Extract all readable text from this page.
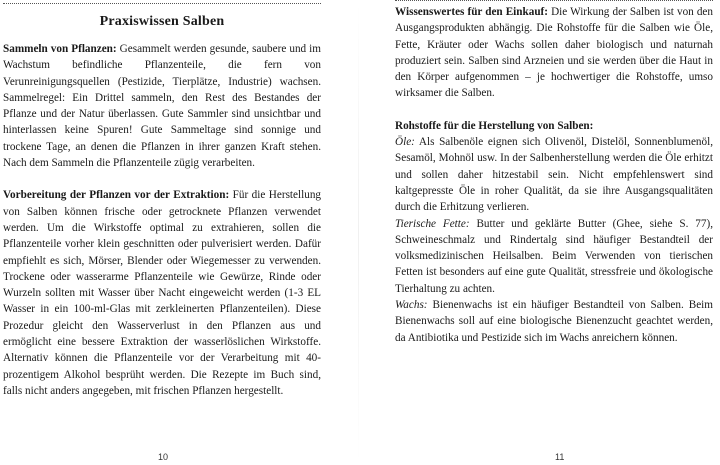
Praxiswissen Salben

Sammeln von Pflanzen: Gesammelt werden gesunde, saubere und im Wachstum befindliche Pflanzenteile, die fern von Verunreinigungsquellen (Pestizide, Tierplätze, Industrie) wachsen. Sammelregel: Ein Drittel sammeln, den Rest des Bestandes der Pflanze und der Natur überlassen. Gute Sammler sind unsichtbar und hinterlassen keine Spuren! Gute Sammeltage sind sonnige und trockene Tage, an denen die Pflanzen in ihrer ganzen Kraft stehen. Nach dem Sammeln die Pflanzenteile zügig verarbeiten.

Vorbereitung der Pflanzen vor der Extraktion: Für die Herstellung von Salben können frische oder getrocknete Pflanzen verwendet werden. Um die Wirkstoffe optimal zu extrahieren, sollen die Pflanzenteile vorher klein geschnitten oder pulverisiert werden. Dafür empfiehlt es sich, Mörser, Blender oder Wiegemesser zu verwenden. Trockene oder wasserarme Pflanzenteile wie Gewürze, Rinde oder Wurzeln sollten mit Wasser über Nacht eingeweicht werden (1-3 EL Wasser in ein 100-ml-Glas mit zerkleinerten Pflanzenteilen). Diese Prozedur gleicht den Wasserverlust in den Pflanzen aus und ermöglicht eine bessere Extraktion der wasserlöslichen Wirkstoffe. Alternativ können die Pflanzenteile vor der Verarbeitung mit 40-prozentigem Alkohol besprüht werden. Die Rezepte im Buch sind, falls nicht anders angegeben, mit frischen Pflanzen hergestellt.

10

Wissenswertes für den Einkauf: Die Wirkung der Salben ist von den Ausgangsprodukten abhängig. Die Rohstoffe für die Salben wie Öle, Fette, Kräuter oder Wachs sollen daher biologisch und naturnah produziert sein. Salben sind Arzneien und sie werden über die Haut in den Körper aufgenommen – je hochwertiger die Rohstoffe, umso wirksamer die Salben.

Rohstoffe für die Herstellung von Salben:

Öle: Als Salbenöle eignen sich Olivenöl, Distelöl, Sonnenblumenöl, Sesamöl, Mohnöl usw. In der Salbenherstellung werden die Öle erhitzt und sollen daher hitzestabil sein. Nicht empfehlenswert sind kaltgepresste Öle in roher Qualität, da sie ihre Ausgangsqualitäten durch die Erhitzung verlieren.

Tierische Fette: Butter und geklärte Butter (Ghee, siehe S. 77), Schweineschmalz und Rindertalg sind häufiger Bestandteil der volksmedizinischen Heilsalben. Beim Verwenden von tierischen Fetten ist besonders auf eine gute Qualität, stressfreie und ökologische Tierhaltung zu achten.

Wachs: Bienenwachs ist ein häufiger Bestandteil von Salben. Beim Bienenwachs soll auf eine biologische Bienenzucht geachtet werden, da Antibiotika und Pestizide sich im Wachs anreichern können.

11
